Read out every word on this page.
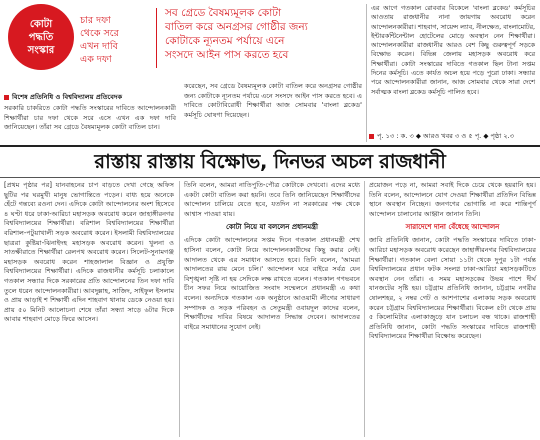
কোটা
পদ্ধতি
সংস্কার
চার দফা
থেকে সরে
এখন দাবি
এক দফা
সব গ্রেডে বৈষম্যমূলক কোটা
বাতিল করে অনগ্রসর গোষ্ঠীর জন্য
কোটাকে ন্যূনতম পর্যায়ে এনে
সংসদে আইন পাস করতে হবে
এর আগে গতকাল রোববার বিকেলে 'বাংলা ব্লকেড' কর্মসূচির আওতায় রাজধানীর নানা জায়গায় অবরোধ করেন আন্দোলনকারীরা। শাহবাগ, সায়েন্স ল্যাব, নীলক্ষেত, বাংলামোটর, ইন্টারকন্টিনেন্টাল হোটেলের মোড়ে অবস্থান নেন শিক্ষার্থীরা। আন্দোলনকারীরা রাজধানীর আরও বেশ কিছু গুরুত্বপূর্ণ সড়কে বিক্ষোভ করেন। বিভিন্ন জেলায় মহাসড়ক অবরোধ করে শিক্ষার্থীরা। কোটা সংস্কারের দাবিতে গতকাল ছিল টানা সপ্তম দিনের কর্মসূচি। এতে কার্যত অচল হয়ে পড়ে পুরো ঢাকা। সন্ধ্যার পরে আন্দোলনকারীরা জানান, আজ সোমবার থেকে সারা দেশে সর্বাত্মক বাংলা ব্লকেড কর্মসূচি পালিত হবে।
বিশেষ প্রতিনিধি ও বিশ্ববিদ্যালয় প্রতিবেদক
সরকারি চাকরিতে কোটা পদ্ধতি সংস্কারের দাবিতে আন্দোলনকারী শিক্ষার্থীরা চার দফা থেকে সরে এসে এখন এক দফা দাবি জানিয়েছেন। তাঁরা সব গ্রেডে বৈষম্যমূলক কোটা বাতিল চান।
করেছেন, সব গ্রেডে বৈষম্যমূলক কোটা বাতিল করে অনগ্রসর গোষ্ঠীর জন্য কোটাকে ন্যূনতম পর্যায়ে এনে সংসদে আইন পাস করতে হবে। এ দাবিতে কোটাবিরোধী শিক্ষার্থীরা আজ সোমবার 'বাংলা ব্লকেড' কর্মসূচি ঘোষণা দিয়েছেন।
পৃ. ১৩ : ক. ৩ ◆ আরও খবর ৩ ও ৫ পৃ. ◆ পৃষ্ঠা ২.৩
রাস্তায় রাস্তায় বিক্ষোভ, দিনভর অচল রাজধানী
[প্রথম পৃষ্ঠার পর] যানবাহনের চাপ বাড়তে দেখা গেছে অফিস ছুটির পর ঘরমুখী মানুষ ভোগান্তিতে পড়েন। বাধ্য হয়ে অনেকে হেঁটে গন্তব্যে রওনা দেন। এদিকে কোটা আন্দোলনের অংশ হিসেবে ৪ ঘণ্টা ধরে ঢাকা-আরিচা মহাসড়ক অবরোধ করেন জাহাঙ্গীরনগর বিশ্ববিদ্যালয়ের শিক্ষার্থীরা। বরিশাল বিশ্ববিদ্যালয়ের শিক্ষার্থীরা বরিশাল-পটুয়াখালী সড়ক অবরোধ করেন। ইসলামী বিশ্ববিদ্যালয়ের ছাত্ররা কুষ্টিয়া-ঝিনাইদহ মহাসড়ক অবরোধ করেন। খুলনা ও সাতক্ষীরাতে শিক্ষার্থীরা রেলপথ অবরোধ করেন। সিলেট-সুনামগঞ্জ মহাসড়ক অবরোধ করেন শাহজালাল বিজ্ঞান ও প্রযুক্তি বিশ্ববিদ্যালয়ের শিক্ষার্থীরা। এদিকে রাজধানীর কর্মসূচি চলাকালে গতকাল সন্ধ্যার দিকে সরকারের প্রতি আন্দোলনের তিন দফা দাবি তুলে ধরেন আন্দোলনকারীরা। আবদুল্লাহ, সাজিদ, সাইফুল ইসলাম ও প্রায় আড়াই শ শিক্ষার্থী এদিন শাহবাগ থানায় ডেকে নেওয়া হয়। প্রায় ৫০ মিনিট আলোচনা শেষে তাঁরা সন্ধ্যা সাড়ে ৬টার দিকে আবার শাহবাগ মোড়ে ফিরে আসেন।
তিনি বলেন, আমরা নাতিপুতি-পৌত্র কোটাকে দেখবো। এদের মধ্যে একটা কোটা বাতিল করা হয়নি। তবে তিনি জানিয়েছেন শিক্ষার্থীদের আন্দোলন চালিয়ে যেতে হবে, যতদিন না সরকারের পক্ষ থেকে আশ্বাস পাওয়া যায়।
কোটা নিয়ে যা বললেন প্রধানমন্ত্রী
এদিকে কোটা আন্দোলনের সপ্তম দিনে গতকাল প্রধানমন্ত্রী শেখ হাসিনা বলেন, কোটা নিয়ে আন্দোলনকারীদের কিছু করার নেই। আদালত থেকে এর সমাধান আসতে হবে। তিনি বলেন, 'আমরা আদালতের রায় মেনে চলি।' আন্দোলন ঘরে বাইরে সর্বত্র যেন বিশৃঙ্খলা সৃষ্টি না হয় সেদিকে লক্ষ রাখতে বলেন। গতকাল গণভবনে চীন সফর নিয়ে আয়োজিত সংবাদ সম্মেলনে প্রধানমন্ত্রী এ কথা বলেন। অন্যদিকে গতকাল এক অনুষ্ঠানে আওয়ামী লীগের সাধারণ সম্পাদক ও সড়ক পরিবহন ও সেতুমন্ত্রী ওবায়দুল কাদের বলেন, শিক্ষার্থীদের দাবির বিষয়ে আদালত সিদ্ধান্ত দেবেন। আদালতের বাইরে সমাধানের সুযোগ নেই।
প্রয়োজন পড়ে না, আমরা সবাই দিকে চেয়ে থেকে হয়রানি হয়। তিনি বলেন, আন্দোলনে যোগ দেওয়া শিক্ষার্থীরা প্রতিদিন বিভিন্ন স্থানে অবস্থান নিচ্ছেন। জনগণের ভোগান্তি না করে শান্তিপূর্ণ আন্দোলন চালানোর আহ্বান জানান তিনি।
সারাদেশে দানা বেঁধেছে আন্দোলন
জাবি প্রতিনিধি জানান, কোটা পদ্ধতি সংস্কারের দাবিতে ঢাকা-আরিচা মহাসড়ক অবরোধ করেছেন জাহাঙ্গীরনগর বিশ্ববিদ্যালয়ের শিক্ষার্থীরা। গতকাল বেলা সোয়া ১১টা থেকে দুপুর ১টা পর্যন্ত বিশ্ববিদ্যালয়ের প্রধান ফটক সংলগ্ন ঢাকা-আরিচা মহাসড়কটিতে অবস্থান নেন তাঁরা। এ সময় মহাসড়কের উভয় পাশে দীর্ঘ যানজটের সৃষ্টি হয়। চট্টগ্রাম প্রতিনিধি জানান, চট্টগ্রাম নগরীর ষোলশহর, ২ নম্বর গেট ও আশপাশের এলাকায় সড়ক অবরোধ করেন চট্টগ্রাম বিশ্ববিদ্যালয়ের শিক্ষার্থীরা। বিকেল ৫টা থেকে প্রায় ৫ কিলোমিটার এলাকাজুড়ে যান চলাচল বন্ধ থাকে। রাজশাহী প্রতিনিধি জানান, কোটা পদ্ধতি সংস্কারের দাবিতে রাজশাহী বিশ্ববিদ্যালয়ের শিক্ষার্থীরা বিক্ষোভ করেছেন।
